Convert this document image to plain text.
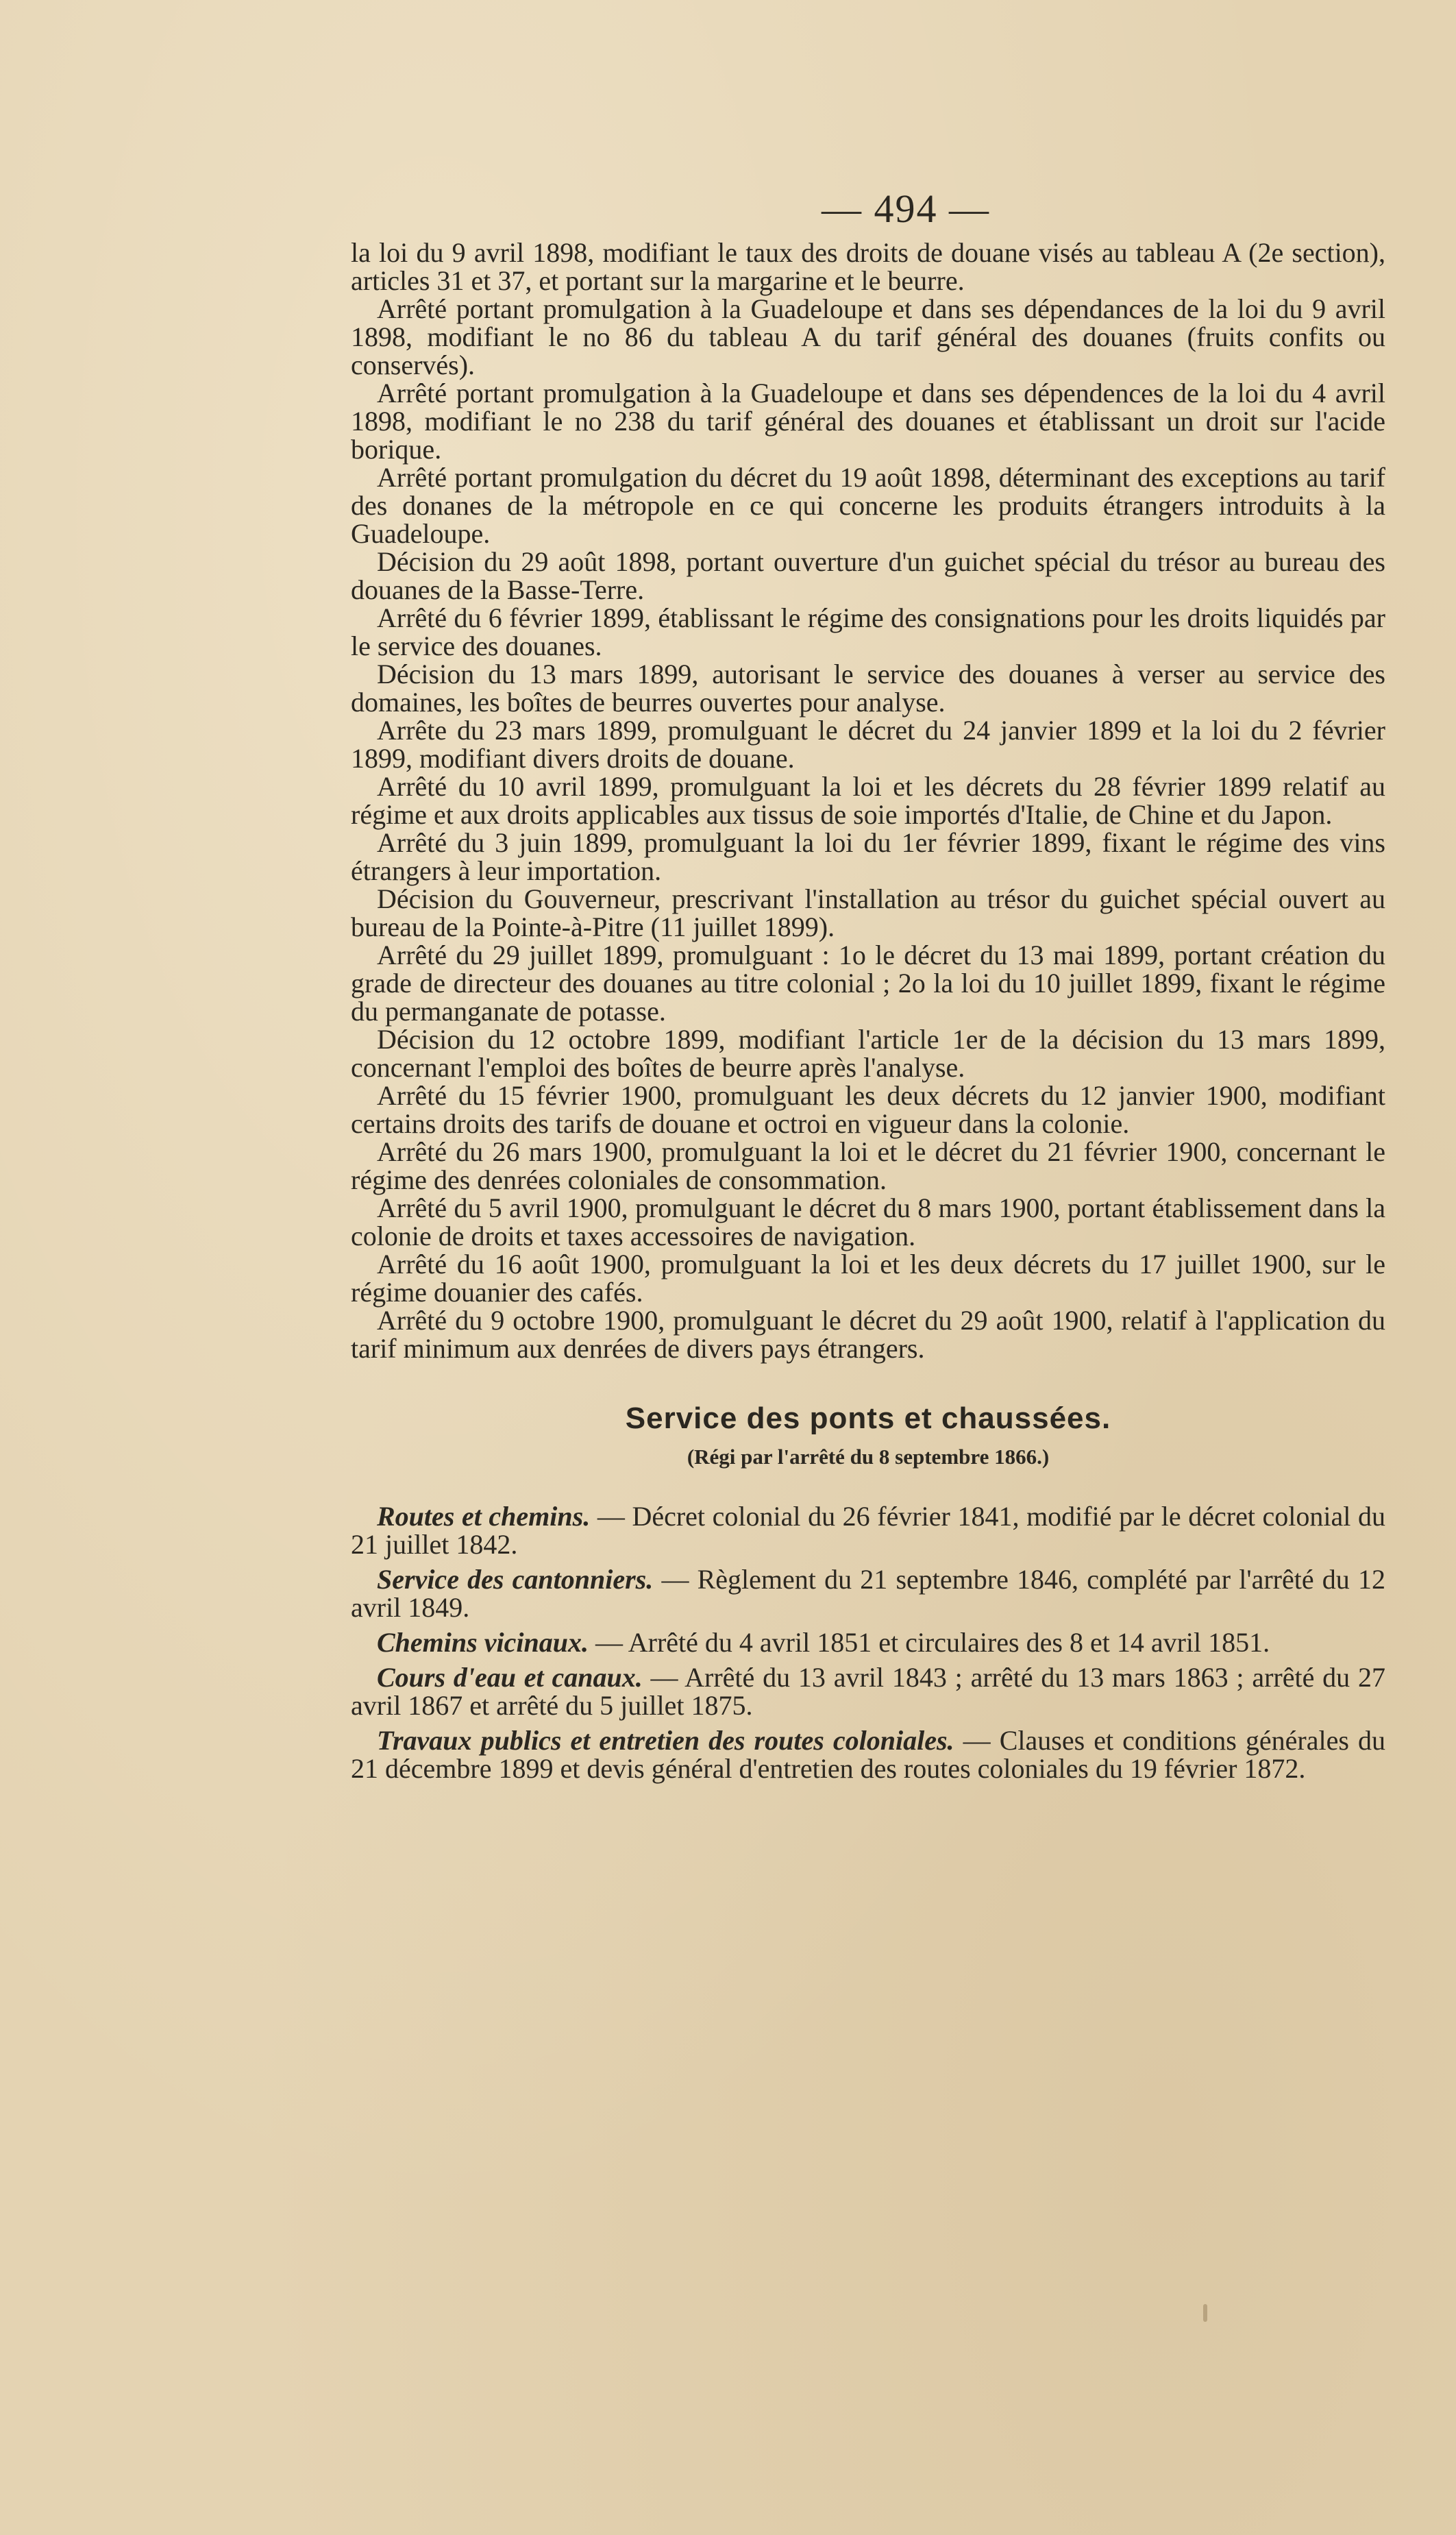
— 494 —

la loi du 9 avril 1898, modifiant le taux des droits de douane visés au tableau A (2e section), articles 31 et 37, et portant sur la margarine et le beurre.

Arrêté portant promulgation à la Guadeloupe et dans ses dépendances de la loi du 9 avril 1898, modifiant le no 86 du tableau A du tarif général des douanes (fruits confits ou conservés).

Arrêté portant promulgation à la Guadeloupe et dans ses dépendences de la loi du 4 avril 1898, modifiant le no 238 du tarif général des douanes et établissant un droit sur l'acide borique.

Arrêté portant promulgation du décret du 19 août 1898, déterminant des exceptions au tarif des donanes de la métropole en ce qui concerne les produits étrangers introduits à la Guadeloupe.

Décision du 29 août 1898, portant ouverture d'un guichet spécial du trésor au bureau des douanes de la Basse-Terre.

Arrêté du 6 février 1899, établissant le régime des consignations pour les droits liquidés par le service des douanes.

Décision du 13 mars 1899, autorisant le service des douanes à verser au service des domaines, les boîtes de beurres ouvertes pour analyse.

Arrête du 23 mars 1899, promulguant le décret du 24 janvier 1899 et la loi du 2 février 1899, modifiant divers droits de douane.

Arrêté du 10 avril 1899, promulguant la loi et les décrets du 28 février 1899 relatif au régime et aux droits applicables aux tissus de soie importés d'Italie, de Chine et du Japon.

Arrêté du 3 juin 1899, promulguant la loi du 1er février 1899, fixant le régime des vins étrangers à leur importation.

Décision du Gouverneur, prescrivant l'installation au trésor du guichet spécial ouvert au bureau de la Pointe-à-Pitre (11 juillet 1899).

Arrêté du 29 juillet 1899, promulguant : 1o le décret du 13 mai 1899, portant création du grade de directeur des douanes au titre colonial ; 2o la loi du 10 juillet 1899, fixant le régime du permanganate de potasse.

Décision du 12 octobre 1899, modifiant l'article 1er de la décision du 13 mars 1899, concernant l'emploi des boîtes de beurre après l'analyse.

Arrêté du 15 février 1900, promulguant les deux décrets du 12 janvier 1900, modifiant certains droits des tarifs de douane et octroi en vigueur dans la colonie.

Arrêté du 26 mars 1900, promulguant la loi et le décret du 21 février 1900, concernant le régime des denrées coloniales de consommation.

Arrêté du 5 avril 1900, promulguant le décret du 8 mars 1900, portant établissement dans la colonie de droits et taxes accessoires de navigation.

Arrêté du 16 août 1900, promulguant la loi et les deux décrets du 17 juillet 1900, sur le régime douanier des cafés.

Arrêté du 9 octobre 1900, promulguant le décret du 29 août 1900, relatif à l'application du tarif minimum aux denrées de divers pays étrangers.

Service des ponts et chaussées.
(Régi par l'arrêté du 8 septembre 1866.)

Routes et chemins. — Décret colonial du 26 février 1841, modifié par le décret colonial du 21 juillet 1842.

Service des cantonniers. — Règlement du 21 septembre 1846, complété par l'arrêté du 12 avril 1849.

Chemins vicinaux. — Arrêté du 4 avril 1851 et circulaires des 8 et 14 avril 1851.

Cours d'eau et canaux. — Arrêté du 13 avril 1843 ; arrêté du 13 mars 1863 ; arrêté du 27 avril 1867 et arrêté du 5 juillet 1875.

Travaux publics et entretien des routes coloniales. — Clauses et conditions générales du 21 décembre 1899 et devis général d'entretien des routes coloniales du 19 février 1872.
